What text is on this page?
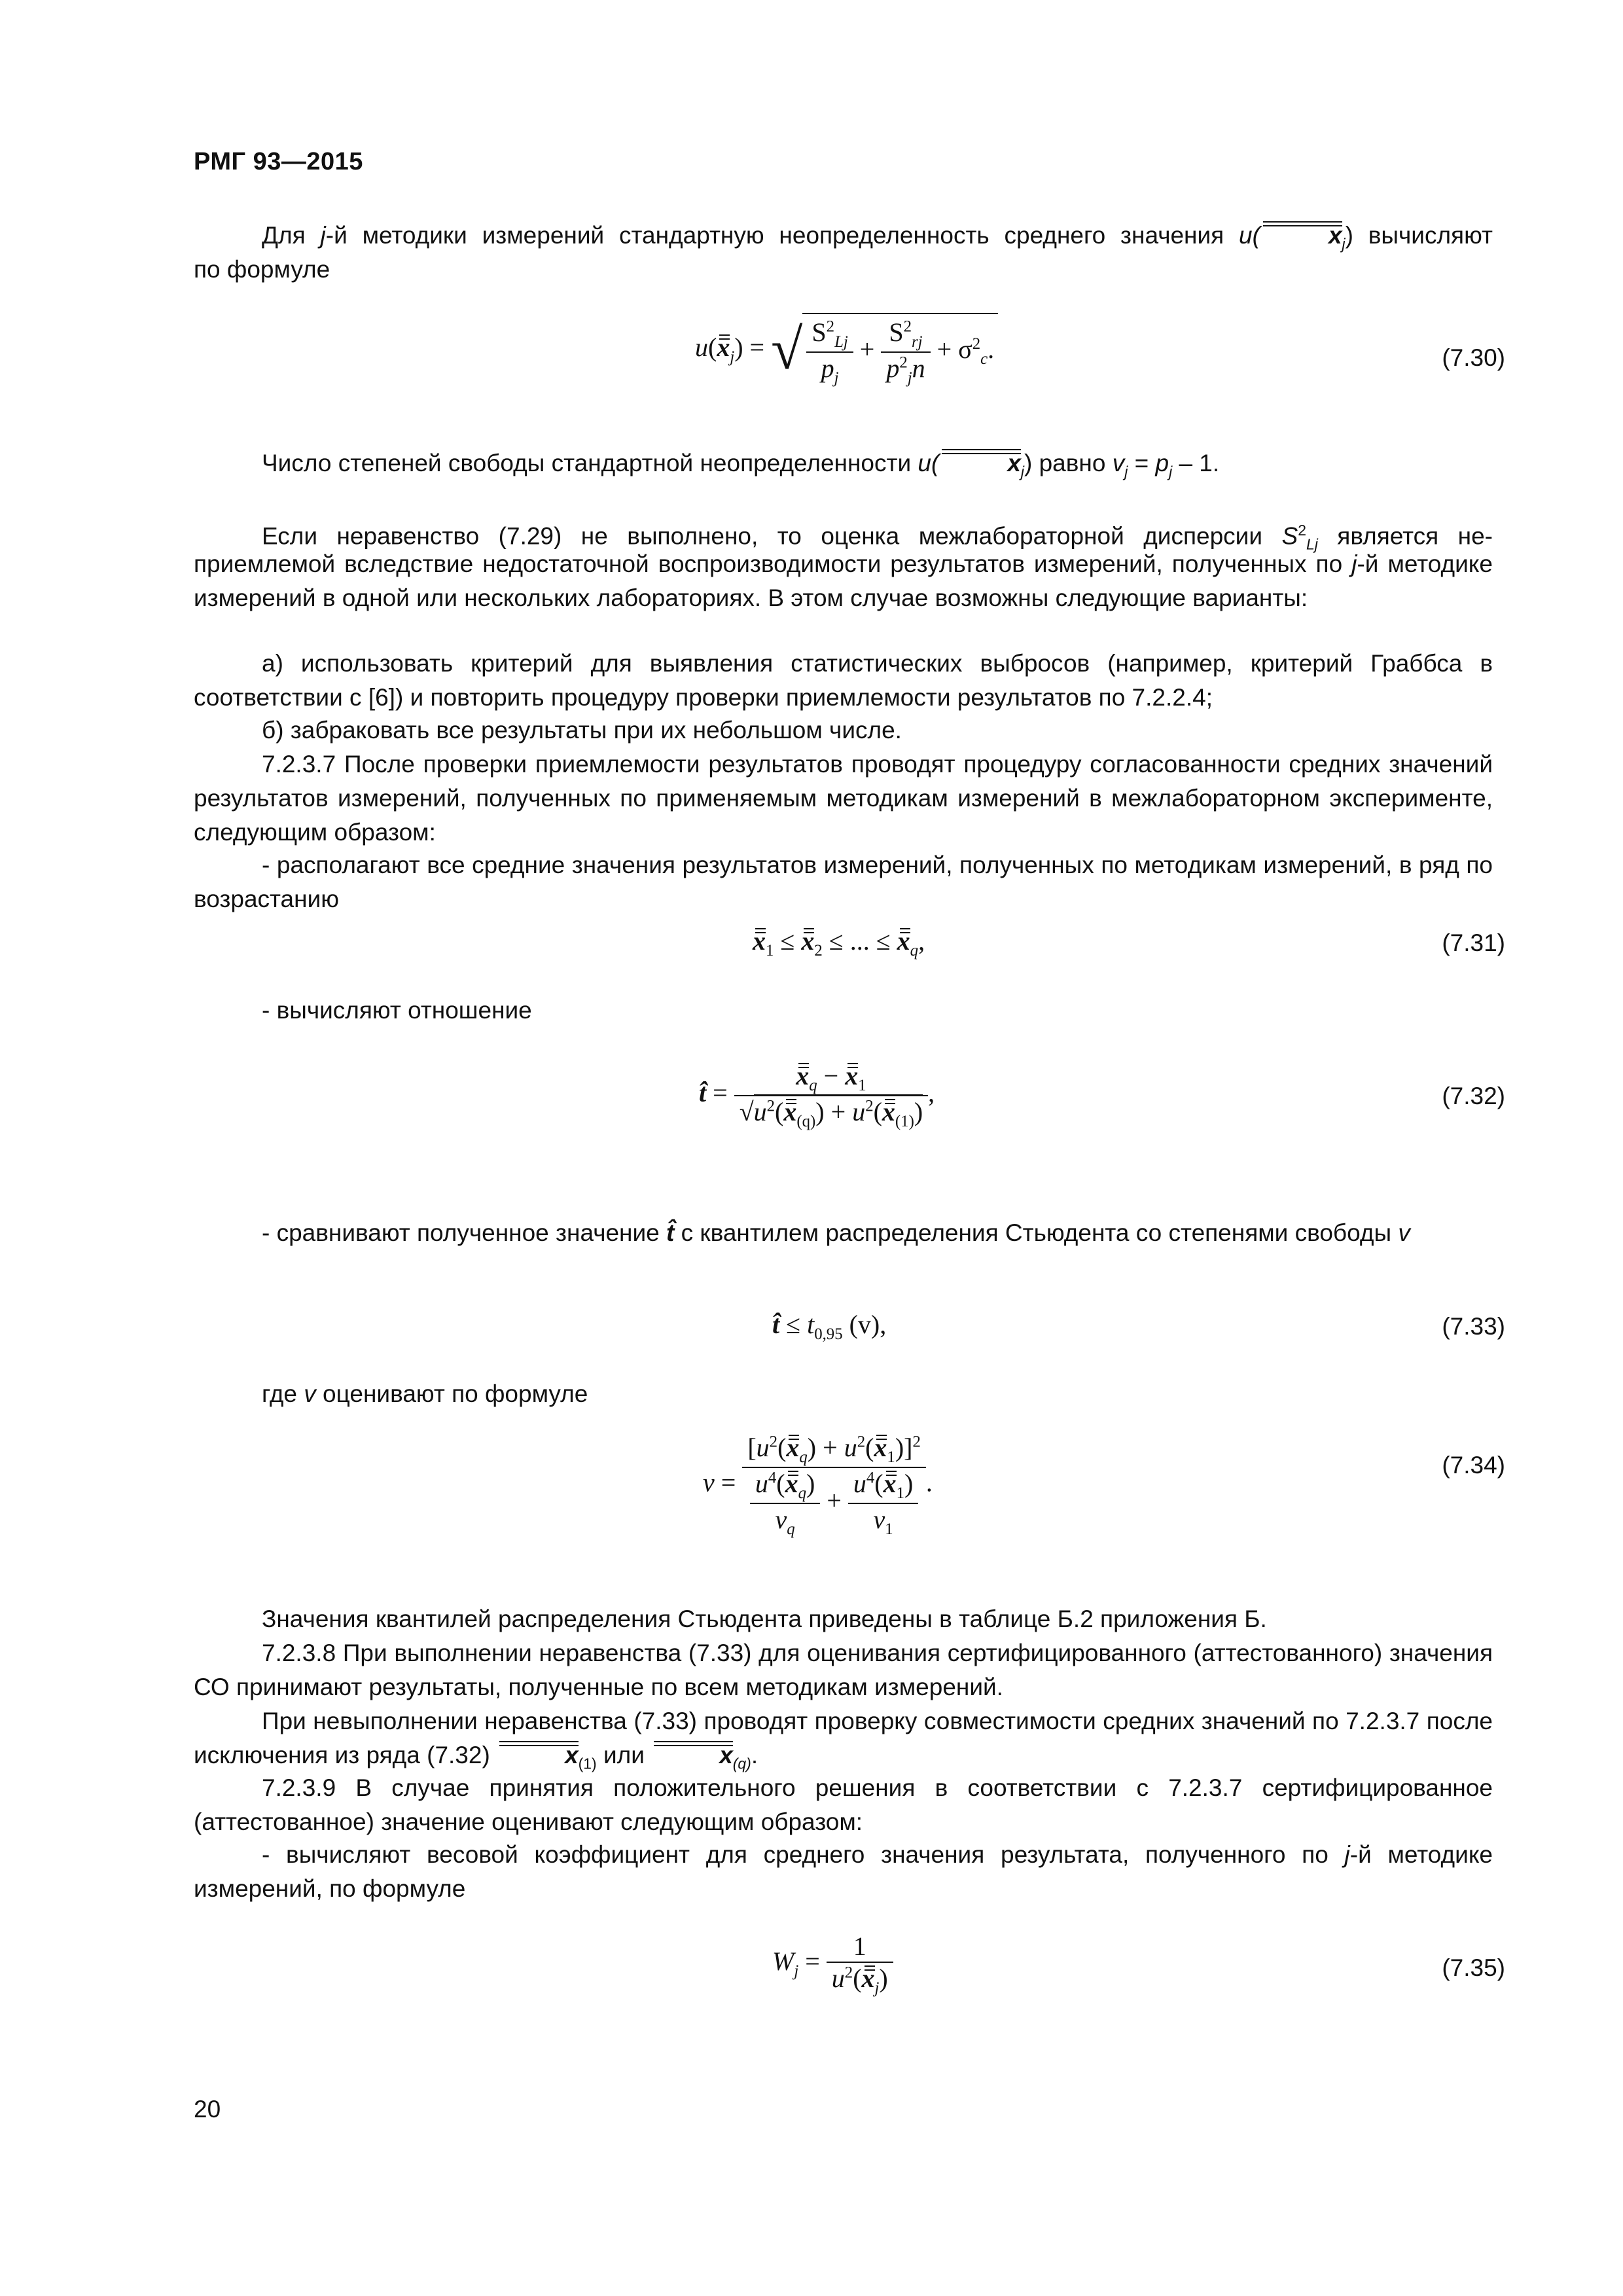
РМГ 93—2015
Для j-й методики измерений стандартную неопределенность среднего значения u(	$x_j$) вычисляют
по формуле
$u(x_j)$ = √ $\frac{S^2_{Lj}}{p_j} + \frac{S^2_{rj}}{p^2_jn} + \sigma^2_c$.	(7.30)
Число степеней свободы стандартной неопределенности u(	$x_j$) равно $v_j = p_j - 1$.
Если неравенство (7.29) не выполнено, то оценка межлабораторной дисперсии $S^2_{Lj}$ является не-
приемлемой вследствие недостаточной воспроизводимости результатов измерений, полученных по j-й методике измерений в одной или нескольких лабораториях. В этом случае возможны следующие варианты:
а) использовать критерий для выявления статистических выбросов (например, критерий Граббса в соответствии с [6]) и повторить процедуру проверки приемлемости результатов по 7.2.2.4;
б) забраковать все результаты при их небольшом числе.
7.2.3.7 После проверки приемлемости результатов проводят процедуру согласованности средних значений результатов измерений, полученных по применяемым методикам измерений в межлабораторном эксперименте, следующим образом:
- располагают все средние значения результатов измерений, полученных по методикам измерений, в ряд по возрастанию
$x_1 \le x_2$ ≤ ... ≤ $x_q$,	(7.31)
- вычисляют отношение
t̂ = $\frac{x_q - x_1}{√u^2(x_{(q)}) + u^2(x_{(1)})}$ ,	(7.32)
- сравнивают полученное значение t̂ с квантилем распределения Стьюдента со степенями свободы v
t̂ ≤ $t_{0,95}$ (v),	(7.33)
где v оценивают по формуле
$v = \frac{[u^2(x_q) + u^2(x_1)]^2}{\frac{u^4(x_q)}{v_q} + \frac{u^4(x_1)}{v_1}}$ .
(7.34)
Значения квантилей распределения Стьюдента приведены в таблице Б.2 приложения Б.
7.2.3.8 При выполнении неравенства (7.33) для оценивания сертифицированного (аттестованного) значения СО принимают результаты, полученные по всем методикам измерений.
При невыполнении неравенства (7.33) проводят проверку совместимости средних значений по 7.2.3.7 после исключения из ряда (7.32)	$x_{(1)}$ или	$x_{(q)}$.
7.2.3.9 В случае принятия положительного решения в соответствии с 7.2.3.7 сертифицированное (аттестованное) значение оценивают следующим образом:
- вычисляют весовой коэффициент для среднего значения результата, полученного по j-й методике измерений, по формуле
$W_j = \frac{1}{u^2(x_j)}$	(7.35)
20
